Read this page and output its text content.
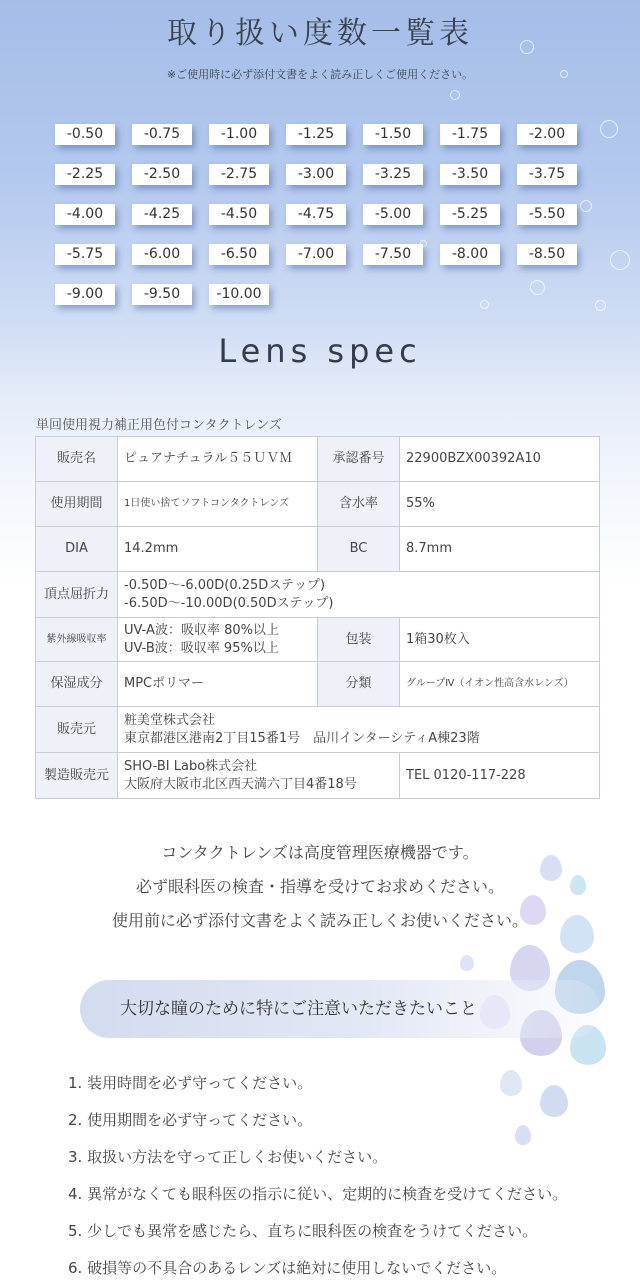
取り扱い度数一覧表

※ご使用時に必ず添付文書をよく読み正しくご使用ください。

-0.50	-0.75	-1.00	-1.25	-1.50	-1.75	-2.00
-2.25	-2.50	-2.75	-3.00	-3.25	-3.50	-3.75
-4.00	-4.25	-4.50	-4.75	-5.00	-5.25	-5.50
-5.75	-6.00	-6.50	-7.00	-7.50	-8.00	-8.50
-9.00	-9.50	-10.00
Lens spec

単回使用視力補正用色付コンタクトレンズ

販売名	ピュアナチュラル５５ＵＶＭ	承認番号	22900BZX00392A10
使用期間	1日使い捨てソフトコンタクトレンズ	含水率	55%
DIA	14.2mm	BC	8.7mm
頂点屈折力	-0.50D～-6.00D(0.25Dステップ)
-6.50D～-10.00D(0.50Dステップ)		

紫外線吸収率	UV-A波：吸収率 80%以上
UV-B波：吸収率 95%以上	包装	1箱30枚入
保湿成分	MPCポリマー	分類	グループⅣ（イオン性高含水レンズ）
販売元	粧美堂株式会社
東京都港区港南2丁目15番1号　品川インターシティA棟23階		

製造販売元	SHO-BI Labo株式会社
大阪府大阪市北区西天満六丁目4番18号		TEL 0120-117-228
コンタクトレンズは高度管理医療機器です。
必ず眼科医の検査・指導を受けてお求めください。
使用前に必ず添付文書をよく読み正しくお使いください。
大切な瞳のために特にご注意いただきたいこと
1. 装用時間を必ず守ってください。
2. 使用期間を必ず守ってください。
3. 取扱い方法を守って正しくお使いください。
4. 異常がなくても眼科医の指示に従い、定期的に検査を受けてください。
5. 少しでも異常を感じたら、直ちに眼科医の検査をうけてください。
6. 破損等の不具合のあるレンズは絶対に使用しないでください。
